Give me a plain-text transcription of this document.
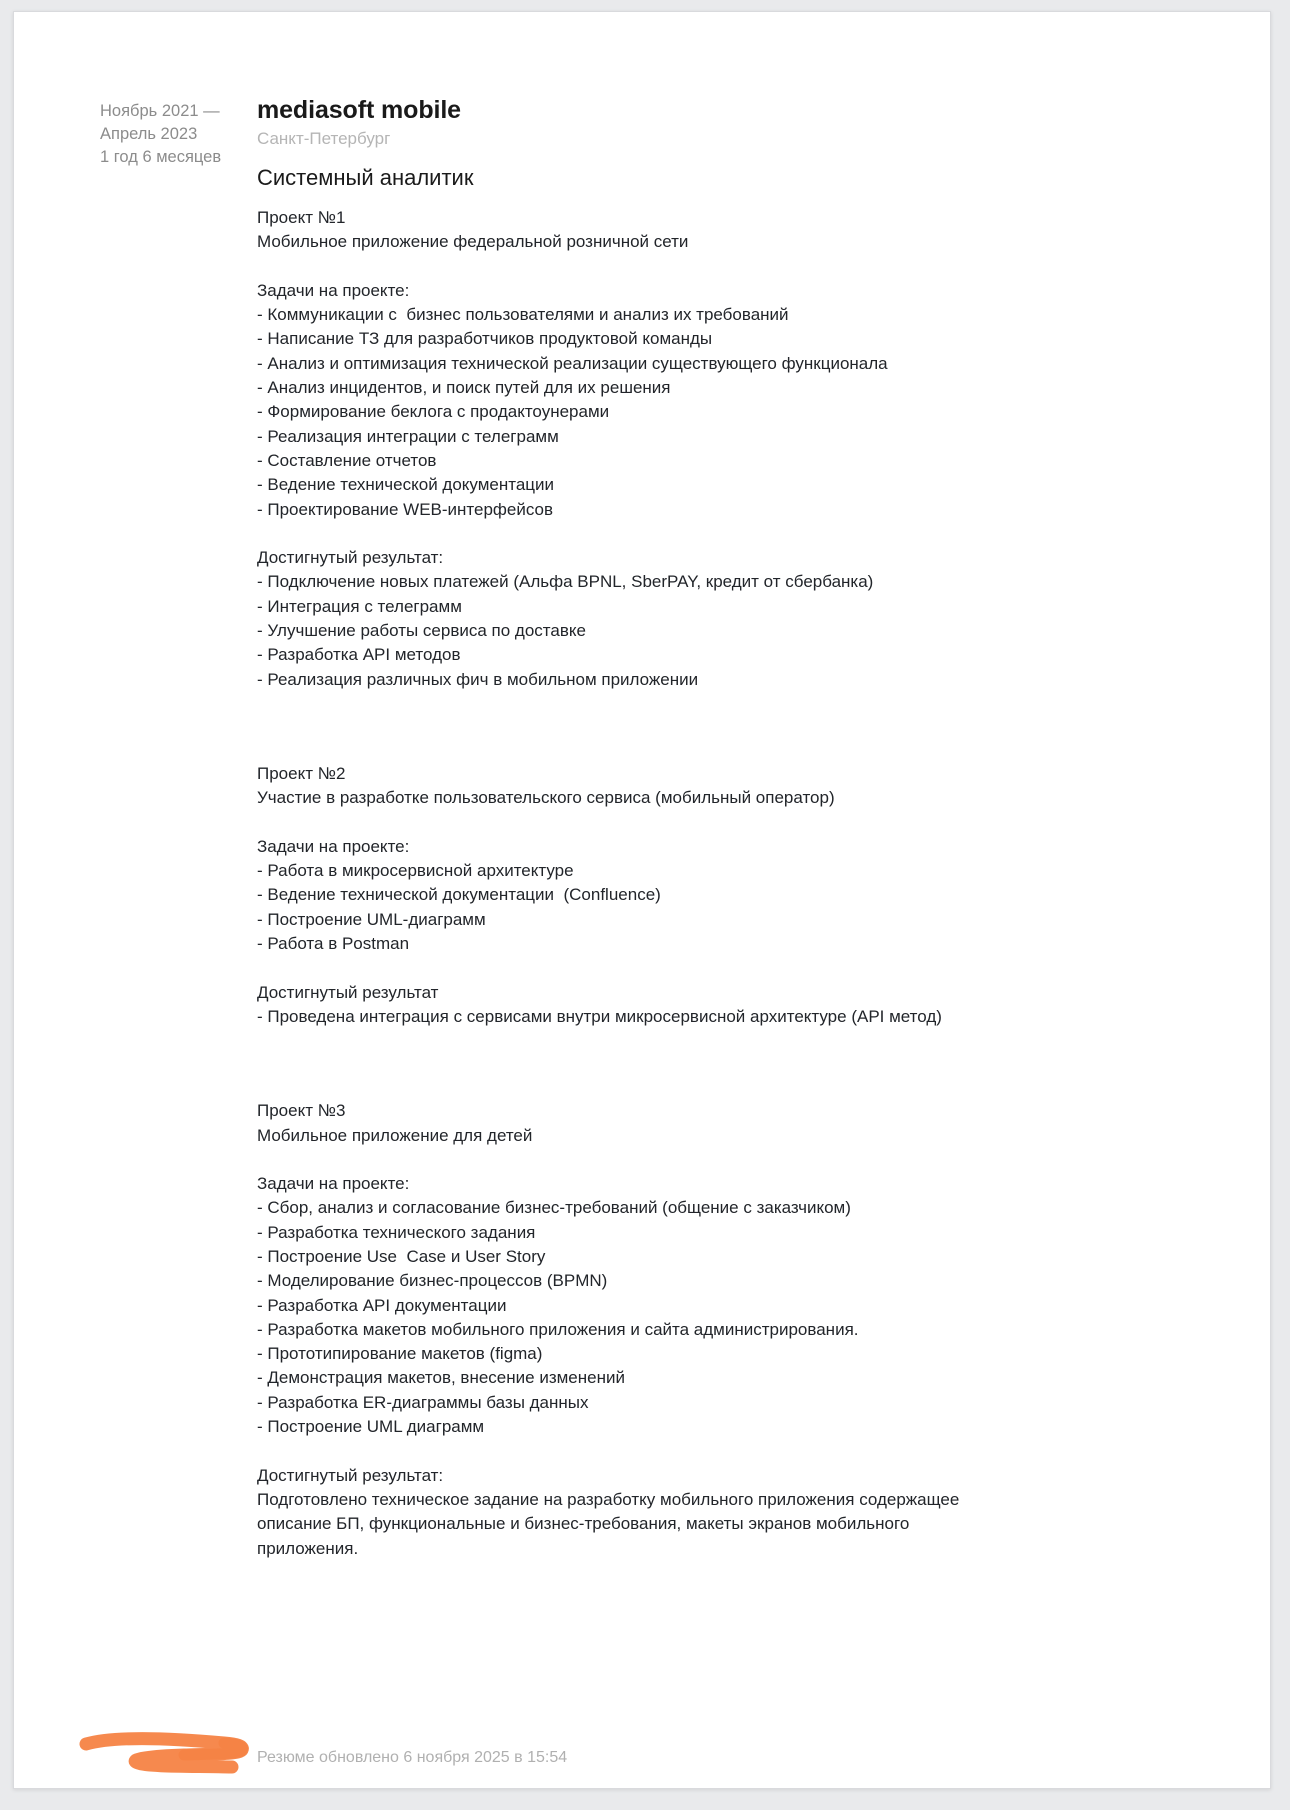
Ноябрь 2021 —
Апрель 2023
1 год 6 месяцев
mediasoft mobile
Санкт-Петербург
Системный аналитик
Проект №1
Мобильное приложение федеральной розничной сети
Задачи на проекте:
- Коммуникации с  бизнес пользователями и анализ их требований
- Написание ТЗ для разработчиков продуктовой команды
- Анализ и оптимизация технической реализации существующего функционала
- Анализ инцидентов, и поиск путей для их решения
- Формирование беклога с продактоунерами
- Реализация интеграции с телеграмм
- Составление отчетов
- Ведение технической документации
- Проектирование WEB-интерфейсов
Достигнутый результат:
- Подключение новых платежей (Альфа BPNL, SberPAY, кредит от сбербанка)
- Интеграция с телеграмм
- Улучшение работы сервиса по доставке
- Разработка API методов
- Реализация различных фич в мобильном приложении
Проект №2
Участие в разработке пользовательского сервиса (мобильный оператор)
Задачи на проекте:
- Работа в микросервисной архитектуре
- Ведение технической документации  (Confluence)
- Построение UML-диаграмм
- Работа в Postman
Достигнутый результат
- Проведена интеграция с сервисами внутри микросервисной архитектуре (API метод)
Проект №3
Мобильное приложение для детей
Задачи на проекте:
- Сбор, анализ и согласование бизнес-требований (общение с заказчиком)
- Разработка технического задания
- Построение Use  Case и User Story
- Моделирование бизнес-процессов (BPMN)
- Разработка API документации
- Разработка макетов мобильного приложения и сайта администрирования.
- Прототипирование макетов (figma)
- Демонстрация макетов, внесение изменений
- Разработка ER-диаграммы базы данных
- Построение UML диаграмм
Достигнутый результат:
Подготовлено техническое задание на разработку мобильного приложения содержащее описание БП, функциональные и бизнес-требования, макеты экранов мобильного приложения.
Резюме обновлено 6 ноября 2025 в 15:54
